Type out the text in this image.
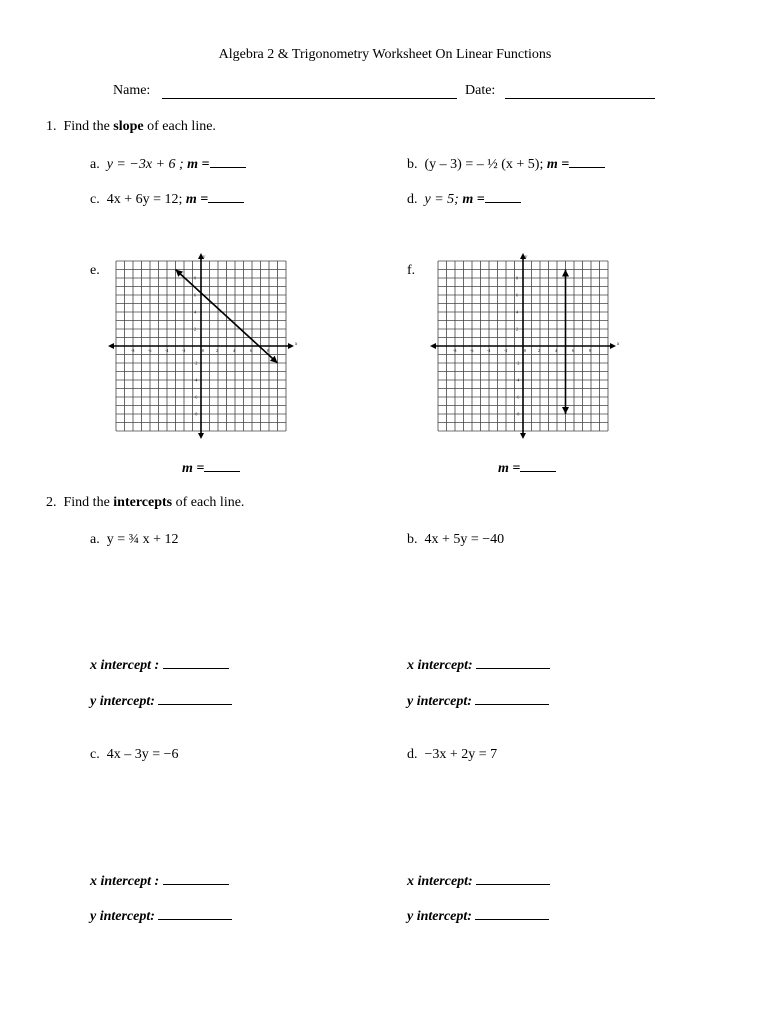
Algebra 2 & Trigonometry Worksheet On Linear Functions
Name:	Date:
1. Find the slope of each line.
a. y = −3x + 6 ; m =	b. (y – 3) = – ½ (x + 5); m =
c. 4x + 6y = 12; m =	d. y = 5; m =
e.
x
y
-8
-8
-6
-6
-4
-4
-2
-2
2
2
4
4
6
6
8
8
0
m =
f.
x
y
-8
-8
-6
-6
-4
-4
-2
-2
2
2
4
4
6
6
8
8
0
m =
2. Find the intercepts of each line.
a. y = ¾ x + 12	b. 4x + 5y = −40
x intercept :
y intercept:
x intercept:
y intercept:
c. 4x – 3y = −6	d. −3x + 2y = 7
x intercept :
y intercept:
x intercept:
y intercept:
